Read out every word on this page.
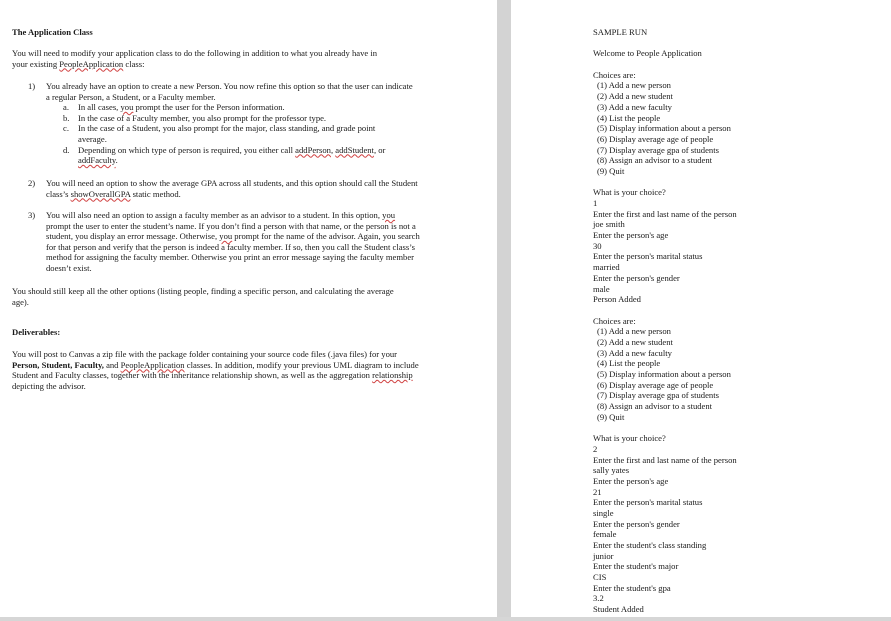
The Application Class
You will need to modify your application class to do the following in addition to what you already have in
your existing PeopleApplication class:
1) You already have an option to create a new Person. You now refine this option so that the user can indicate a regular Person, a Student, or a Faculty member.
a. In all cases, you prompt the user for the Person information.
b. In the case of a Faculty member, you also prompt for the professor type.
c. In the case of a Student, you also prompt for the major, class standing, and grade point average.
d. Depending on which type of person is required, you either call addPerson, addStudent, or
addFaculty.
2) You will need an option to show the average GPA across all students, and this option should call the Student class’s showOverallGPA static method.
3) You will also need an option to assign a faculty member as an advisor to a student. In this option, you prompt the user to enter the student’s name. If you don’t find a person with that name, or the person is not a student, you display an error message. Otherwise, you prompt for the name of the advisor. Again, you search for that person and verify that the person is indeed a faculty member. If so, then you call the Student class’s method for assigning the faculty member. Otherwise you print an error message saying the faculty member doesn’t exist.
You should still keep all the other options (listing people, finding a specific person, and calculating the average age).
Deliverables:
You will post to Canvas a zip file with the package folder containing your source code files (.java files) for your Person, Student, Faculty, and PeopleApplication classes. In addition, modify your previous UML diagram to include Student and Faculty classes, together with the inheritance relationship shown, as well as the aggregation relationship depicting the advisor.
SAMPLE RUN
Welcome to People Application
Choices are:
(1) Add a new person
(2) Add a new student
(3) Add a new faculty
(4) List the people
(5) Display information about a person
(6) Display average age of people
(7) Display average gpa of students
(8) Assign an advisor to a student
(9) Quit
What is your choice?
1
Enter the first and last name of the person
joe smith
Enter the person's age
30
Enter the person's marital status
married
Enter the person's gender
male
Person Added
Choices are:
(1) Add a new person
(2) Add a new student
(3) Add a new faculty
(4) List the people
(5) Display information about a person
(6) Display average age of people
(7) Display average gpa of students
(8) Assign an advisor to a student
(9) Quit
What is your choice?
2
Enter the first and last name of the person
sally yates
Enter the person's age
21
Enter the person's marital status
single
Enter the person's gender
female
Enter the student's class standing
junior
Enter the student's major
CIS
Enter the student's gpa
3.2
Student Added
